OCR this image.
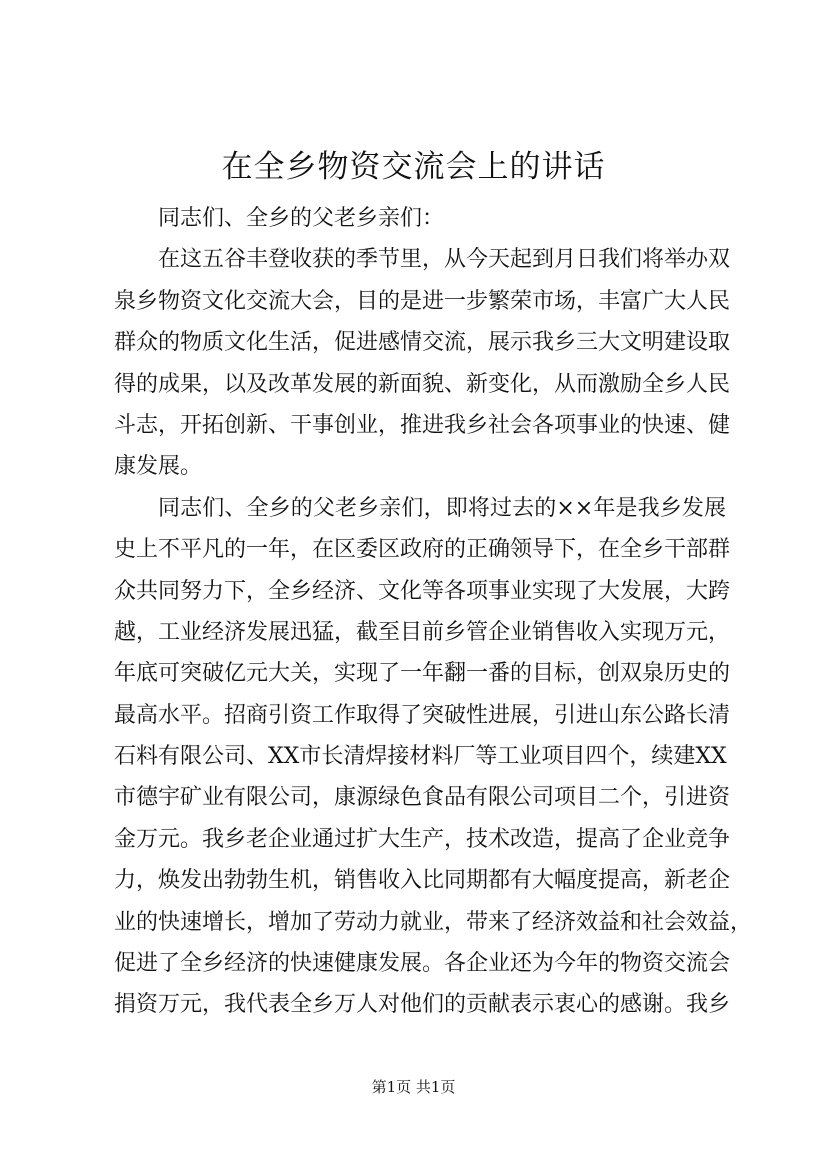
在全乡物资交流会上的讲话
同志们、全乡的父老乡亲们：
在这五谷丰登收获的季节里，从今天起到月日我们将举办双
泉乡物资文化交流大会，目的是进一步繁荣市场，丰富广大人民
群众的物质文化生活，促进感情交流，展示我乡三大文明建设取
得的成果，以及改革发展的新面貌、新变化，从而激励全乡人民
斗志，开拓创新、干事创业，推进我乡社会各项事业的快速、健
康发展。
同志们、全乡的父老乡亲们，即将过去的××年是我乡发展
史上不平凡的一年，在区委区政府的正确领导下，在全乡干部群
众共同努力下，全乡经济、文化等各项事业实现了大发展，大跨
越，工业经济发展迅猛，截至目前乡管企业销售收入实现万元，
年底可突破亿元大关，实现了一年翻一番的目标，创双泉历史的
最高水平。招商引资工作取得了突破性进展，引进山东公路长清
石料有限公司、XX市长清焊接材料厂等工业项目四个，续建XX
市德宇矿业有限公司，康源绿色食品有限公司项目二个，引进资
金万元。我乡老企业通过扩大生产，技术改造，提高了企业竞争
力，焕发出勃勃生机，销售收入比同期都有大幅度提高，新老企
业的快速增长，增加了劳动力就业，带来了经济效益和社会效益，
促进了全乡经济的快速健康发展。各企业还为今年的物资交流会
捐资万元，我代表全乡万人对他们的贡献表示衷心的感谢。我乡
第1页 共1页
